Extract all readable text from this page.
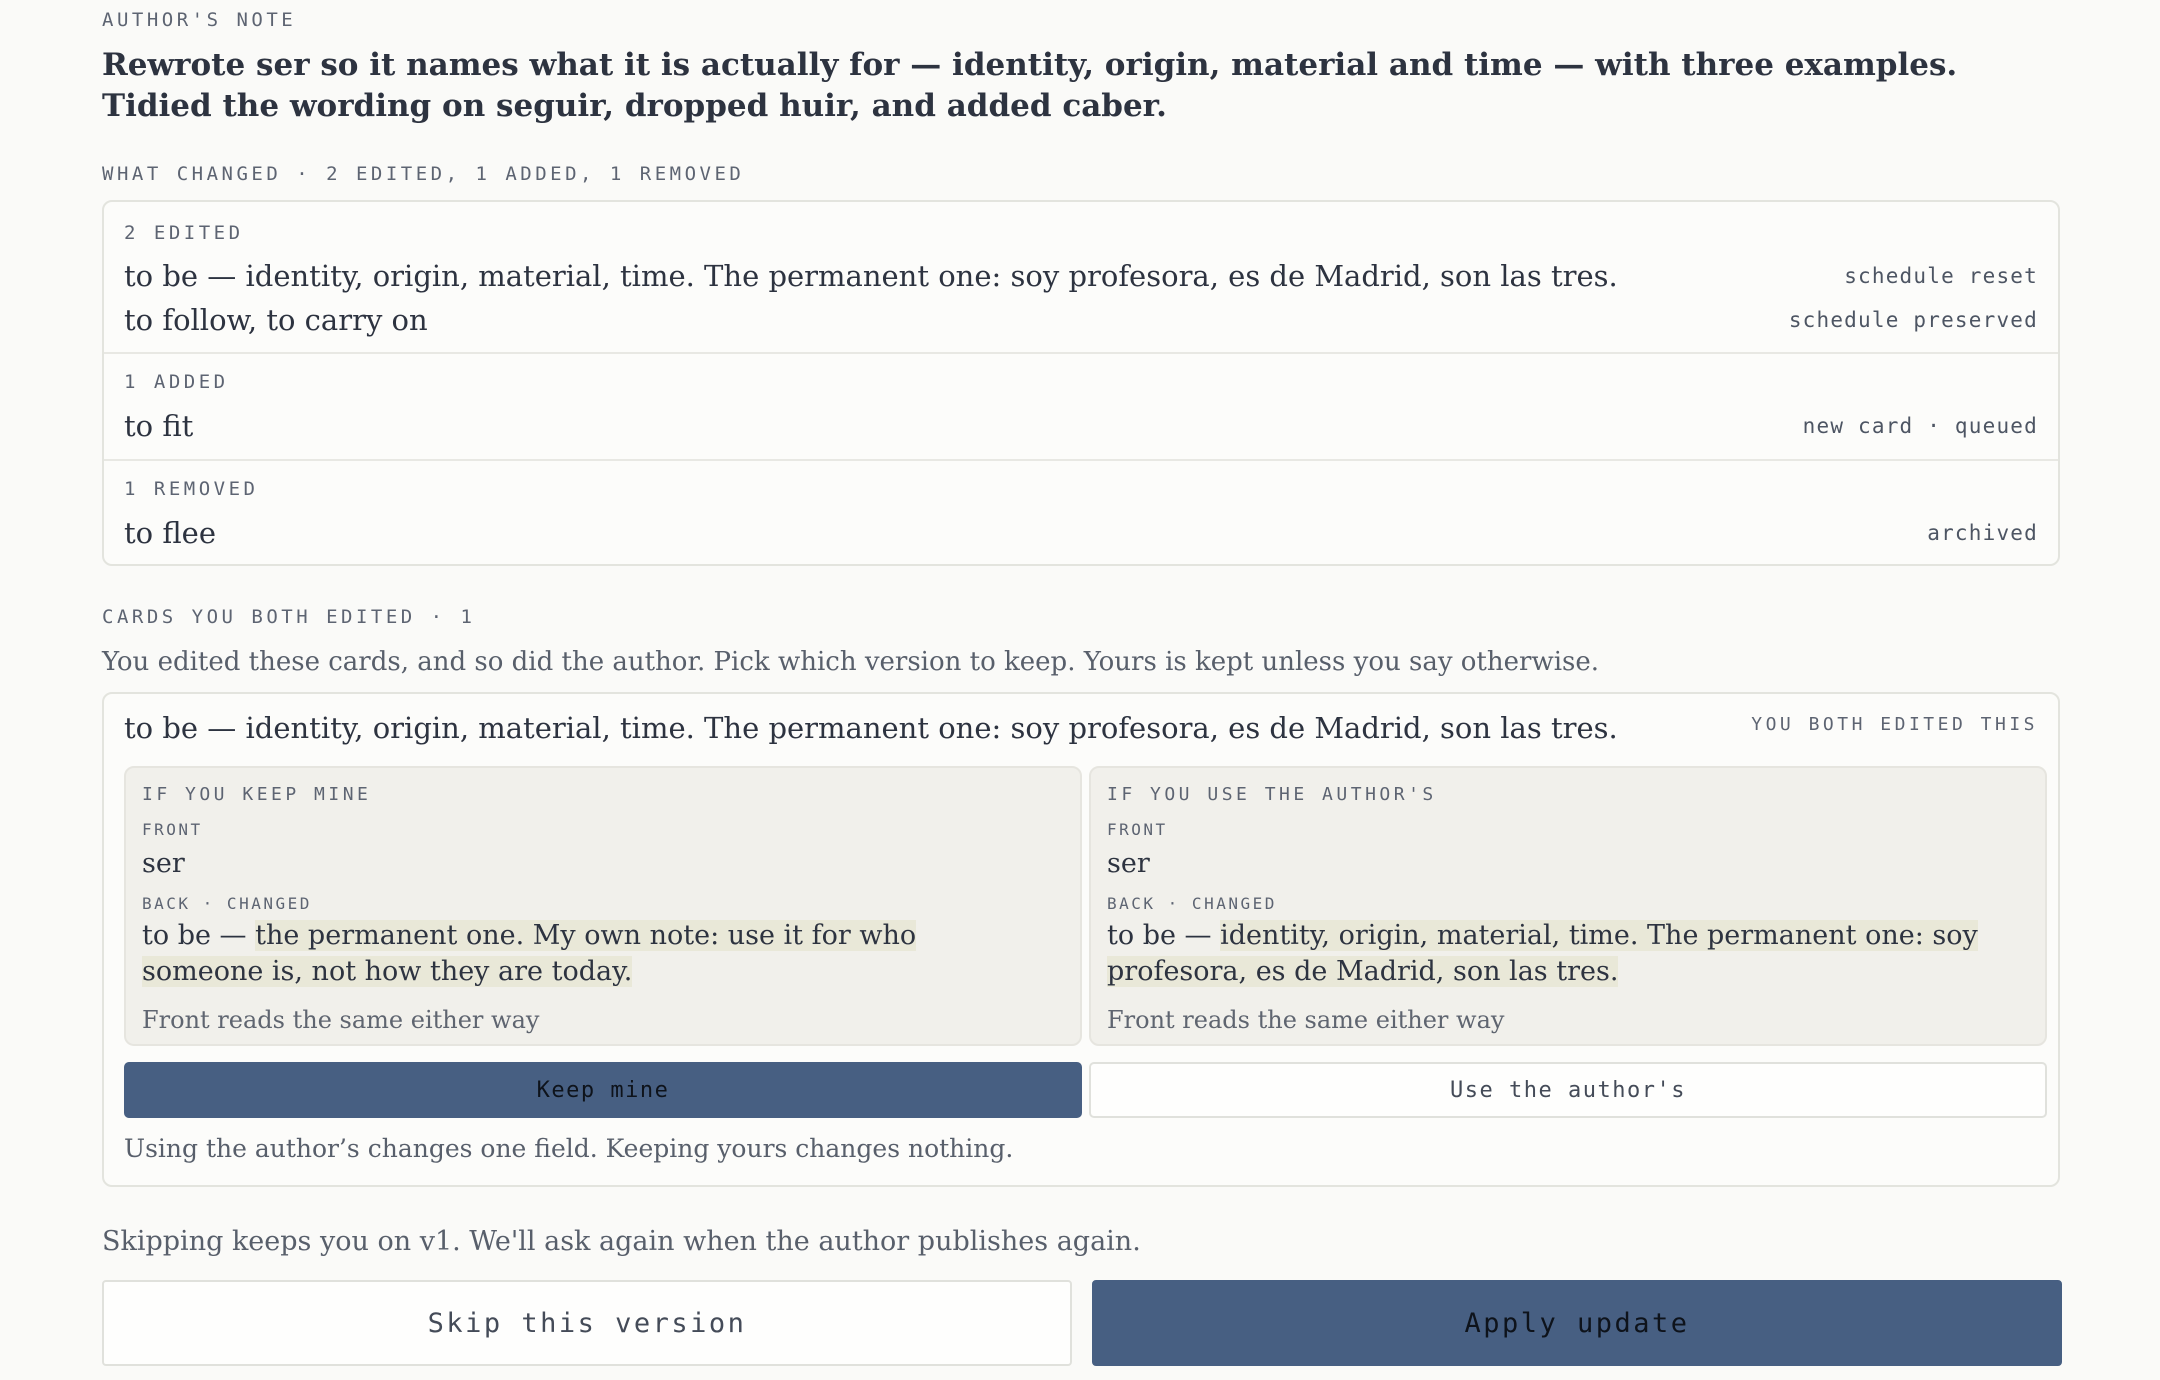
AUTHOR'S NOTE
Rewrote ser so it names what it is actually for — identity, origin, material and time — with three examples. Tidied the wording on seguir, dropped huir, and added caber.
WHAT CHANGED · 2 EDITED, 1 ADDED, 1 REMOVED
2 EDITED
to be — identity, origin, material, time. The permanent one: soy profesora, es de Madrid, son las tres.	schedule reset
to follow, to carry on	schedule preserved
1 ADDED
to fit	new card · queued
1 REMOVED
to flee	archived
CARDS YOU BOTH EDITED · 1
You edited these cards, and so did the author. Pick which version to keep. Yours is kept unless you say otherwise.
to be — identity, origin, material, time. The permanent one: soy profesora, es de Madrid, son las tres.	YOU BOTH EDITED THIS
IF YOU KEEP MINE
FRONT
ser
BACK · CHANGED
to be — the permanent one. My own note: use it for who someone is, not how they are today.
Front reads the same either way
IF YOU USE THE AUTHOR'S
FRONT
ser
BACK · CHANGED
to be — identity, origin, material, time. The permanent one: soy profesora, es de Madrid, son las tres.
Front reads the same either way
Keep mine	Use the author's
Using the author’s changes one field. Keeping yours changes nothing.
Skipping keeps you on v1. We'll ask again when the author publishes again.
Skip this version	Apply update
